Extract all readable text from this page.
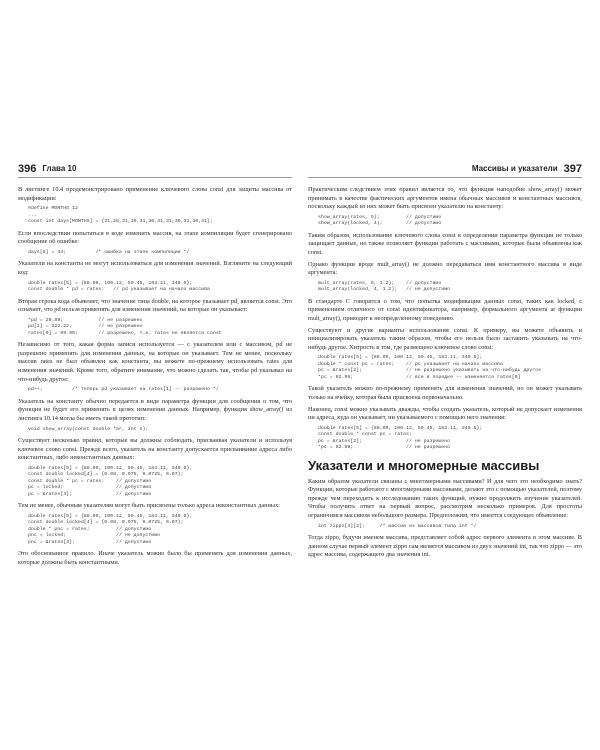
396 Глава 10

В листинге 10.4 продемонстрировано применение ключевого слова const для защиты массива от модификации:

#define MONTHS 12
...
const int days[MONTHS] = {31,28,31,30,31,30,31,31,30,31,30,31};

Если впоследствии попытаться в коде изменить массив, на этапе компиляции будет сгенерировано сообщение об ошибке:

days[9] = 44;          /* ошибка на этапе компиляции */

Указатели на константы не могут использоваться для изменения значений. Взгляните на следующий код:

double rates[5] = {88.99, 100.12, 59.45, 183.11, 340.5};
const double * pd = rates;   // pd указывает на начало массива

Вторая строка кода объявляет, что значение типа double, на которое указывает pd, является const. Это означает, что pd нельзя применять для изменения значений, на которые он указывает:

*pd = 29.89;            // не разрешено
pd[2] = 222.22;         // не разрешено
rates[0] = 99.99;       // разрешено, т.к. rates не является const

Независимо от того, какая форма записи используется — с указателем или с массивом, pd не разрешено применять для изменения данных, на которые он указывает. Тем не менее, поскольку массив rates не был объявлен как константа, вы можете по-прежнему использовать rates для изменения значений. Кроме того, обратите внимание, что можно сделать так, чтобы pd указывал на что-нибудь другое:

pd++;          /* теперь pd указывает на rates[1] -- разрешено */

Указатель на константу обычно передается в виде параметра функции для сообщения о том, что функция не будет его применять в целях изменения данных. Например, функция show_array() из листинга 10.14 могла бы иметь такой прототип:

void show_array(const double *ar, int n);

Существует несколько правил, которые вы должны соблюдать, присваивая указатели и используя ключевое слово const. Прежде всего, указатель на константу допускается присваивание адреса либо константных, либо неконстантных данных:

double rates[5] = {88.99, 100.12, 59.45, 183.11, 340.5};
const double locked[4] = {0.08, 0.075, 0.0725, 0.07};
const double * pc = rates;    // допустимо
pc = locked;                  // допустимо
pc = &rates[3];               // допустимо

Тем не менее, обычным указателям могут быть присвоены только адреса неконстантных данных:

double rates[5] = {88.99, 100.12, 59.45, 183.11, 340.5};
const double locked[4] = {0.08, 0.075, 0.0725, 0.07};
double * pnc = rates;         // допустимо
pnc = locked;                 // не допустимо
pnc = &rates[3];              // допустимо

Это обоснованное правило. Иначе указатель можно было бы применять для изменения данных, которые должны быть константными.

Массивы и указатели 397

Практическим следствием этих правил является то, что функция наподобие show_array() может принимать в качестве фактических аргументов имена обычных массивов и константных массивов, поскольку каждый из них может быть присвоен указателю на константу:

show_array(rates, 5);         // допустимо
show_array(locked, 4);        // допустимо

Таким образом, использование ключевого слова const в определении параметра функции не только защищает данные, но также позволяет функции работать с массивами, которые были объявлены как const.

Однако функции вроде mult_array() не должно передаваться имя константного массива в виде аргумента:

mult_array(rates, 5, 1.2);    // допустимо
mult_array(locked, 4, 1.2);   // не допустимо

В стандарте С говорится о том, что попытка модификации данных const, таких как locked, с применением отличного от const идентификатора, например, формального аргумента ar функции mult_array(), приводит к неопределенному поведению.

Существуют и другие варианты использования const. К примеру, вы можете объявить и инициализировать указатель таким образом, чтобы его нельзя было заставить указывать на что-нибудь другое. Хитрость в том, где размещено ключевое слово const:

double rates[5] = {88.99, 100.12, 59.45, 183.11, 340.5};
double * const pc = rates;    // pc указывает на начало массива
pc = &rates[2];               // не разрешено указывать на что-нибудь другое
*pc = 92.99;                  // все в порядке -- изменяется rates[0]

Такой указатель можно по-прежнему применять для изменения значений, но он может указывать только на ячейку, которая была присвоена первоначально.

Наконец, const можно указывать дважды, чтобы создать указатель, который не допускает изменения ни адреса, куда он указывает, ни указываемого с помощью него значения:

double rates[5] = {88.99, 100.12, 59.45, 183.11, 340.5};
const double * const pc = rates;
pc = &rates[2];               // не разрешено
*pc = 92.99;                  // не разрешено
Указатели и многомерные массивы

Каким образом указатели связаны с многомерными массивами? И для чего это необходимо знать? Функции, которые работают с многомерными массивами, делают это с помощью указателей, поэтому прежде чем переходить к исследованию таких функций, нужно продолжить изучение указателей. Чтобы получить ответ на первый вопрос, рассмотрим несколько примеров. Для простоты ограничимся массивом небольшого размера. Предположим, что имеется следующее объявление:

int zippo[4][2];     /* массив из массивов типа int */

Тогда zippo, будучи именем массива, представляет собой адрес первого элемента в этом массиве. В данном случае первый элемент zippo сам является массивом из двух значений int, так что zippo — это адрес массива, содержащего два значения int.
